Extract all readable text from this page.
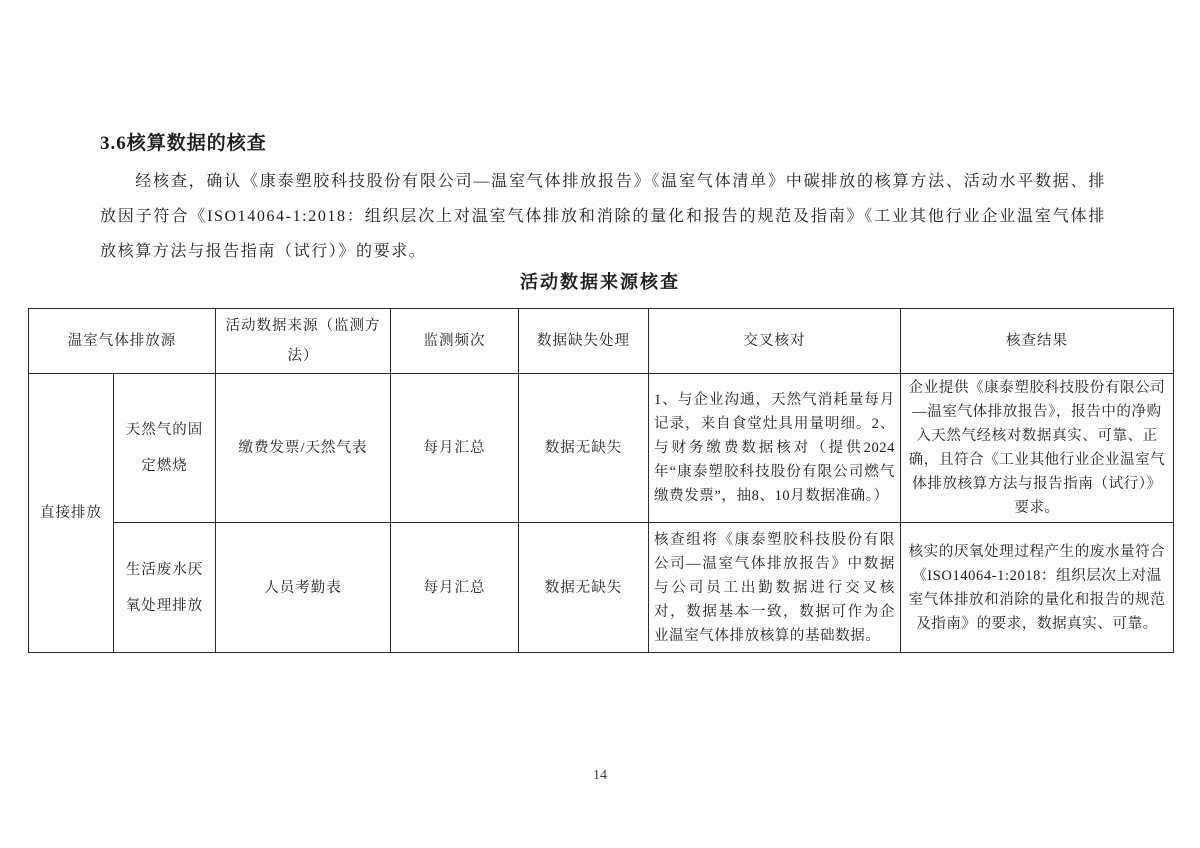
3.6核算数据的核查

经核查，确认《康泰塑胶科技股份有限公司—温室气体排放报告》《温室气体清单》中碳排放的核算方法、活动水平数据、排放因子符合《ISO14064-1:2018：组织层次上对温室气体排放和消除的量化和报告的规范及指南》《工业其他行业企业温室气体排放核算方法与报告指南（试行）》的要求。

活动数据来源核查
温室气体排放源		活动数据来源（监测方法）	监测频次	数据缺失处理	交叉核对	核查结果
直接排放	天然气的固定燃烧	缴费发票/天然气表	每月汇总	数据无缺失	1、与企业沟通，天然气消耗量每月记录，来自食堂灶具用量明细。2、与财务缴费数据核对（提供2024年“康泰塑胶科技股份有限公司燃气缴费发票”，抽8、10月数据准确。）	企业提供《康泰塑胶科技股份有限公司—温室气体排放报告》，报告中的净购入天然气经核对数据真实、可靠、正确，且符合《工业其他行业企业温室气体排放核算方法与报告指南（试行）》要求。
	生活废水厌氧处理排放	人员考勤表	每月汇总	数据无缺失	核查组将《康泰塑胶科技股份有限公司—温室气体排放报告》中数据与公司员工出勤数据进行交叉核对，数据基本一致，数据可作为企业温室气体排放核算的基础数据。	核实的厌氧处理过程产生的废水量符合《ISO14064-1:2018：组织层次上对温室气体排放和消除的量化和报告的规范及指南》的要求，数据真实、可靠。

14
